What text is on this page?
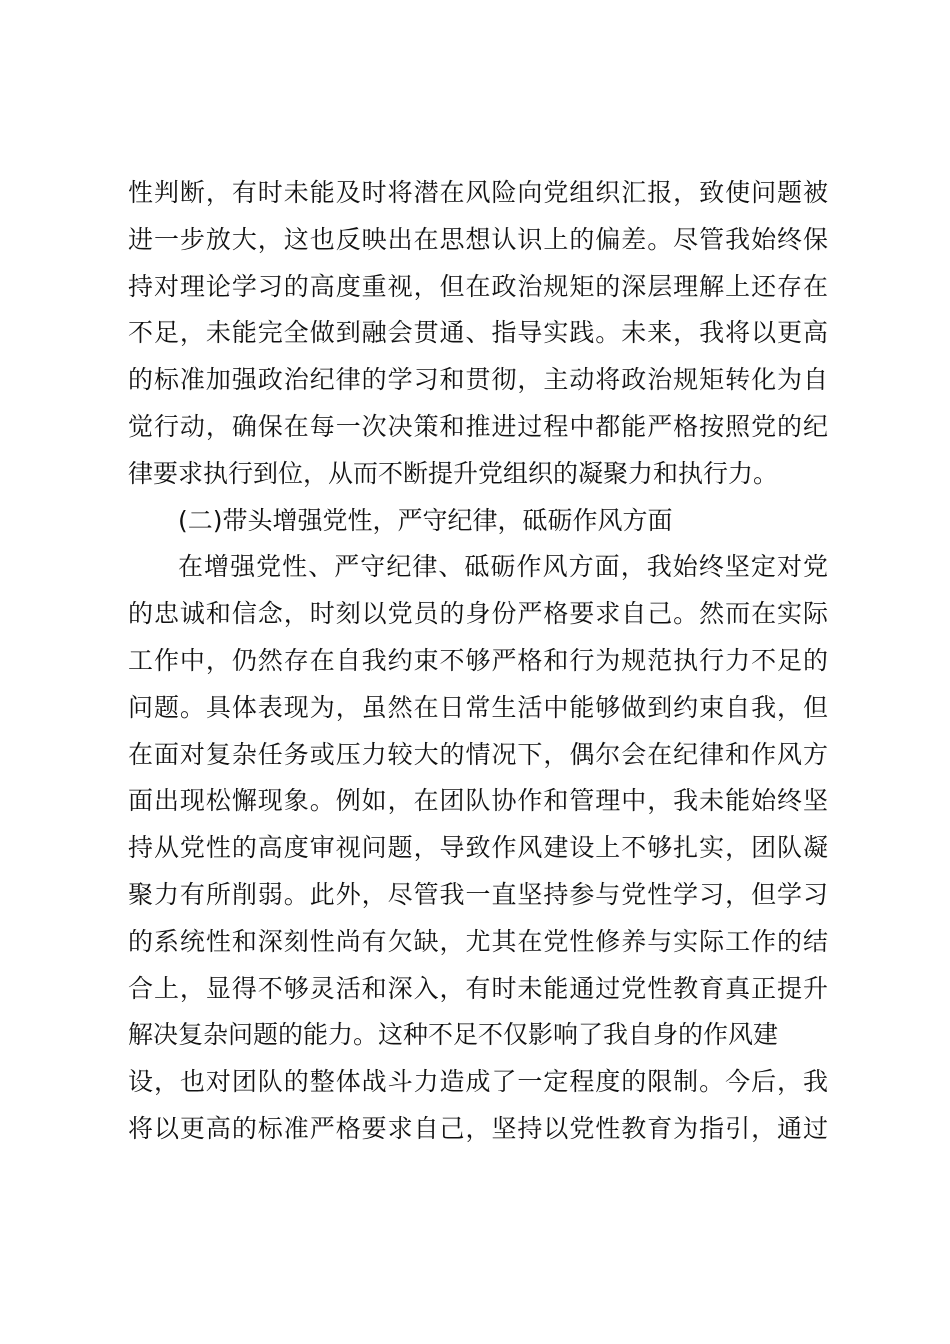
性判断，有时未能及时将潜在风险向党组织汇报，致使问题被
进一步放大，这也反映出在思想认识上的偏差。尽管我始终保
持对理论学习的高度重视，但在政治规矩的深层理解上还存在
不足，未能完全做到融会贯通、指导实践。未来，我将以更高
的标准加强政治纪律的学习和贯彻，主动将政治规矩转化为自
觉行动，确保在每一次决策和推进过程中都能严格按照党的纪
律要求执行到位，从而不断提升党组织的凝聚力和执行力。
(二)带头增强党性，严守纪律，砥砺作风方面
在增强党性、严守纪律、砥砺作风方面，我始终坚定对党
的忠诚和信念，时刻以党员的身份严格要求自己。然而在实际
工作中，仍然存在自我约束不够严格和行为规范执行力不足的
问题。具体表现为，虽然在日常生活中能够做到约束自我，但
在面对复杂任务或压力较大的情况下，偶尔会在纪律和作风方
面出现松懈现象。例如，在团队协作和管理中，我未能始终坚
持从党性的高度审视问题，导致作风建设上不够扎实，团队凝
聚力有所削弱。此外，尽管我一直坚持参与党性学习，但学习
的系统性和深刻性尚有欠缺，尤其在党性修养与实际工作的结
合上，显得不够灵活和深入，有时未能通过党性教育真正提升
解决复杂问题的能力。这种不足不仅影响了我自身的作风建
设，也对团队的整体战斗力造成了一定程度的限制。今后，我
将以更高的标准严格要求自己，坚持以党性教育为指引，通过
